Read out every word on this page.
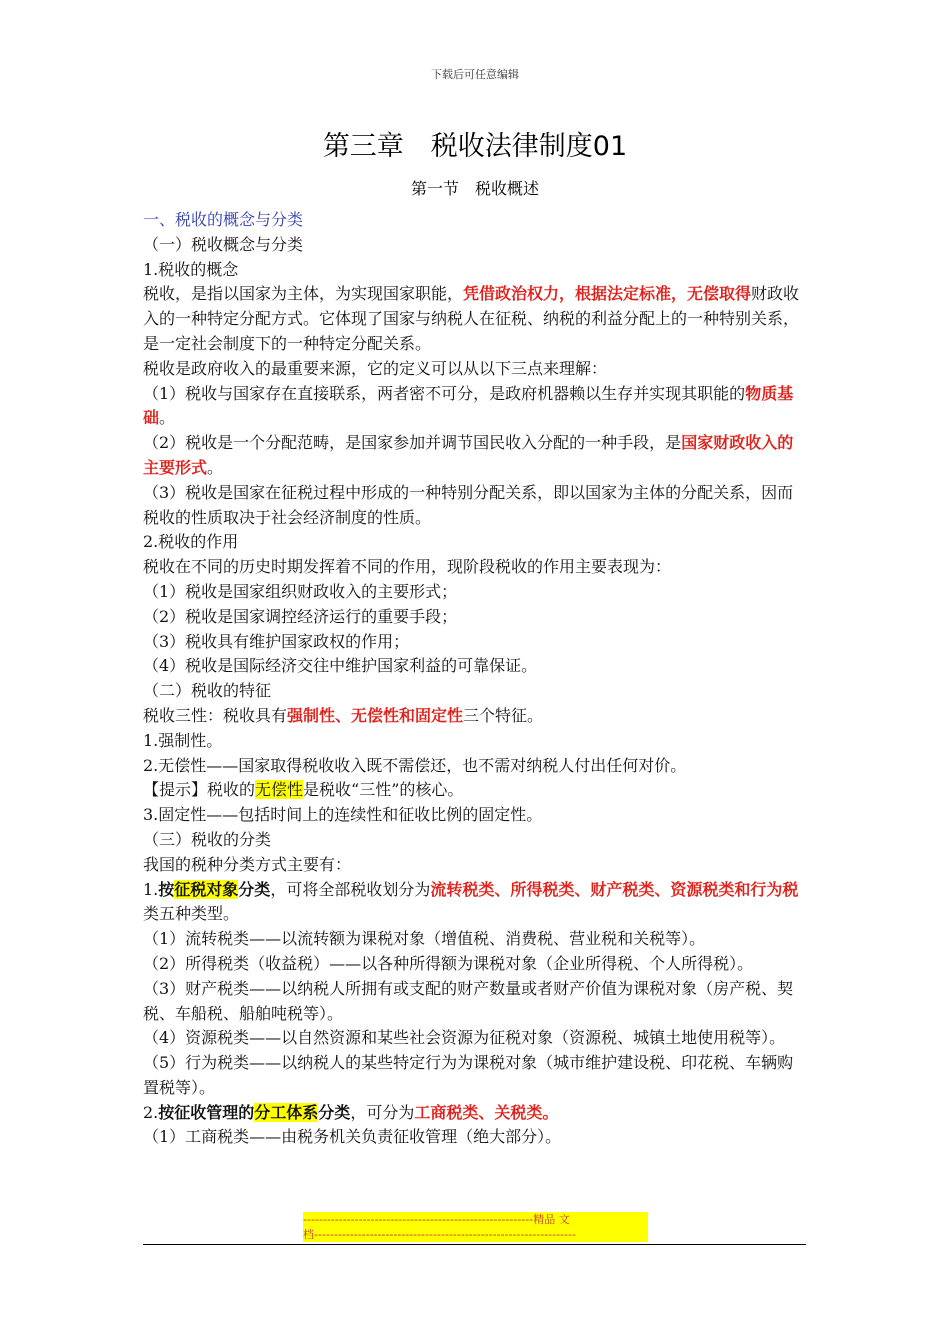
下载后可任意编辑
第三章　税收法律制度01
第一节　税收概述

一、税收的概念与分类

（一）税收概念与分类

1.税收的概念

税收，是指以国家为主体，为实现国家职能，凭借政治权力，根据法定标准，无偿取得财政收入的一种特定分配方式。它体现了国家与纳税人在征税、纳税的利益分配上的一种特别关系，是一定社会制度下的一种特定分配关系。

税收是政府收入的最重要来源，它的定义可以从以下三点来理解：

（1）税收与国家存在直接联系，两者密不可分，是政府机器赖以生存并实现其职能的物质基础。

（2）税收是一个分配范畴，是国家参加并调节国民收入分配的一种手段，是国家财政收入的主要形式。

（3）税收是国家在征税过程中形成的一种特别分配关系，即以国家为主体的分配关系，因而税收的性质取决于社会经济制度的性质。

2.税收的作用

税收在不同的历史时期发挥着不同的作用，现阶段税收的作用主要表现为：

（1）税收是国家组织财政收入的主要形式；

（2）税收是国家调控经济运行的重要手段；

（3）税收具有维护国家政权的作用；

（4）税收是国际经济交往中维护国家利益的可靠保证。

（二）税收的特征

税收三性：税收具有强制性、无偿性和固定性三个特征。

1.强制性。

2.无偿性——国家取得税收收入既不需偿还，也不需对纳税人付出任何对价。

【提示】税收的无偿性是税收“三性”的核心。

3.固定性——包括时间上的连续性和征收比例的固定性。

（三）税收的分类

我国的税种分类方式主要有：

1.按征税对象分类，可将全部税收划分为流转税类、所得税类、财产税类、资源税类和行为税类五种类型。

（1）流转税类——以流转额为课税对象（增值税、消费税、营业税和关税等）。

（2）所得税类（收益税）——以各种所得额为课税对象（企业所得税、个人所得税）。

（3）财产税类——以纳税人所拥有或支配的财产数量或者财产价值为课税对象（房产税、契税、车船税、船舶吨税等）。

（4）资源税类——以自然资源和某些社会资源为征税对象（资源税、城镇土地使用税等）。

（5）行为税类——以纳税人的某些特定行为为课税对象（城市维护建设税、印花税、车辆购置税等）。

2.按征收管理的分工体系分类，可分为工商税类、关税类。

（1）工商税类——由税务机关负责征收管理（绝大部分）。

----------------------------------------------------------精品 文
档------------------------------------------------------------------
